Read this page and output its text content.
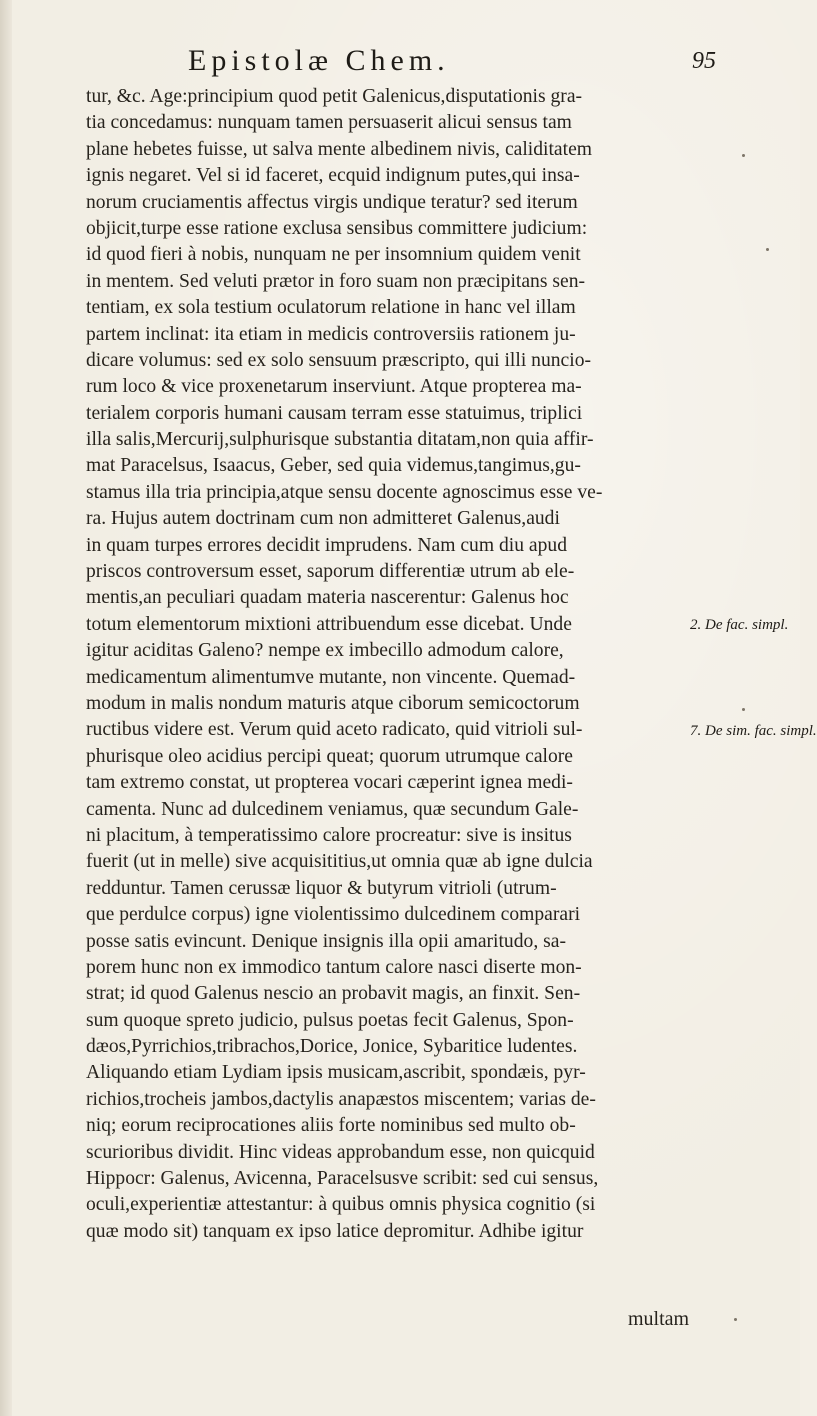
Epistolæ Chem.	95
tur, &c. Age:principium quod petit Galenicus,disputationis gra-
tia concedamus: nunquam tamen persuaserit alicui sensus tam
plane hebetes fuisse, ut salva mente albedinem nivis, caliditatem
ignis negaret. Vel si id faceret, ecquid indignum putes,qui insa-
norum cruciamentis affectus virgis undique teratur? sed iterum
objicit,turpe esse ratione exclusa sensibus committere judicium:
id quod fieri à nobis, nunquam ne per insomnium quidem venit
in mentem. Sed veluti prætor in foro suam non præcipitans sen-
tentiam, ex sola testium oculatorum relatione in hanc vel illam
partem inclinat: ita etiam in medicis controversiis rationem ju-
dicare volumus: sed ex solo sensuum præscripto, qui illi nuncio-
rum loco & vice proxenetarum inserviunt. Atque propterea ma-
terialem corporis humani causam terram esse statuimus, triplici
illa salis,Mercurij,sulphurisque substantia ditatam,non quia affir-
mat Paracelsus, Isaacus, Geber, sed quia videmus,tangimus,gu-
stamus illa tria principia,atque sensu docente agnoscimus esse ve-
ra. Hujus autem doctrinam cum non admitteret Galenus,audi
in quam turpes errores decidit imprudens. Nam cum diu apud
priscos controversum esset, saporum differentiæ utrum ab ele-
mentis,an peculiari quadam materia nascerentur: Galenus hoc
totum elementorum mixtioni attribuendum esse dicebat. Unde
igitur aciditas Galeno? nempe ex imbecillo admodum calore,
medicamentum alimentumve mutante, non vincente. Quemad-
modum in malis nondum maturis atque ciborum semicoctorum
ructibus videre est. Verum quid aceto radicato, quid vitrioli sul-
phurisque oleo acidius percipi queat; quorum utrumque calore
tam extremo constat, ut propterea vocari cæperint ignea medi-
camenta. Nunc ad dulcedinem veniamus, quæ secundum Gale-
ni placitum, à temperatissimo calore procreatur: sive is insitus
fuerit (ut in melle) sive acquisititius,ut omnia quæ ab igne dulcia
redduntur. Tamen cerussæ liquor & butyrum vitrioli (utrum-
que perdulce corpus) igne violentissimo dulcedinem comparari
posse satis evincunt. Denique insignis illa opii amaritudo, sa-
porem hunc non ex immodico tantum calore nasci diserte mon-
strat; id quod Galenus nescio an probavit magis, an finxit. Sen-
sum quoque spreto judicio, pulsus poetas fecit Galenus, Spon-
dæos,Pyrrichios,tribrachos,Dorice, Jonice, Sybaritice ludentes.
Aliquando etiam Lydiam ipsis musicam,ascribit, spondæis, pyr-
richios,trocheis jambos,dactylis anapæstos miscentem; varias de-
niq; eorum reciprocationes aliis forte nominibus sed multo ob-
scurioribus dividit. Hinc videas approbandum esse, non quicquid
Hippocr: Galenus, Avicenna, Paracelsusve scribit: sed cui sensus,
oculi,experientiæ attestantur: à quibus omnis physica cognitio (si
quæ modo sit) tanquam ex ipso latice depromitur. Adhibe igitur
2. De fac. simpl.
7. De sim. fac. simpl.
multam
